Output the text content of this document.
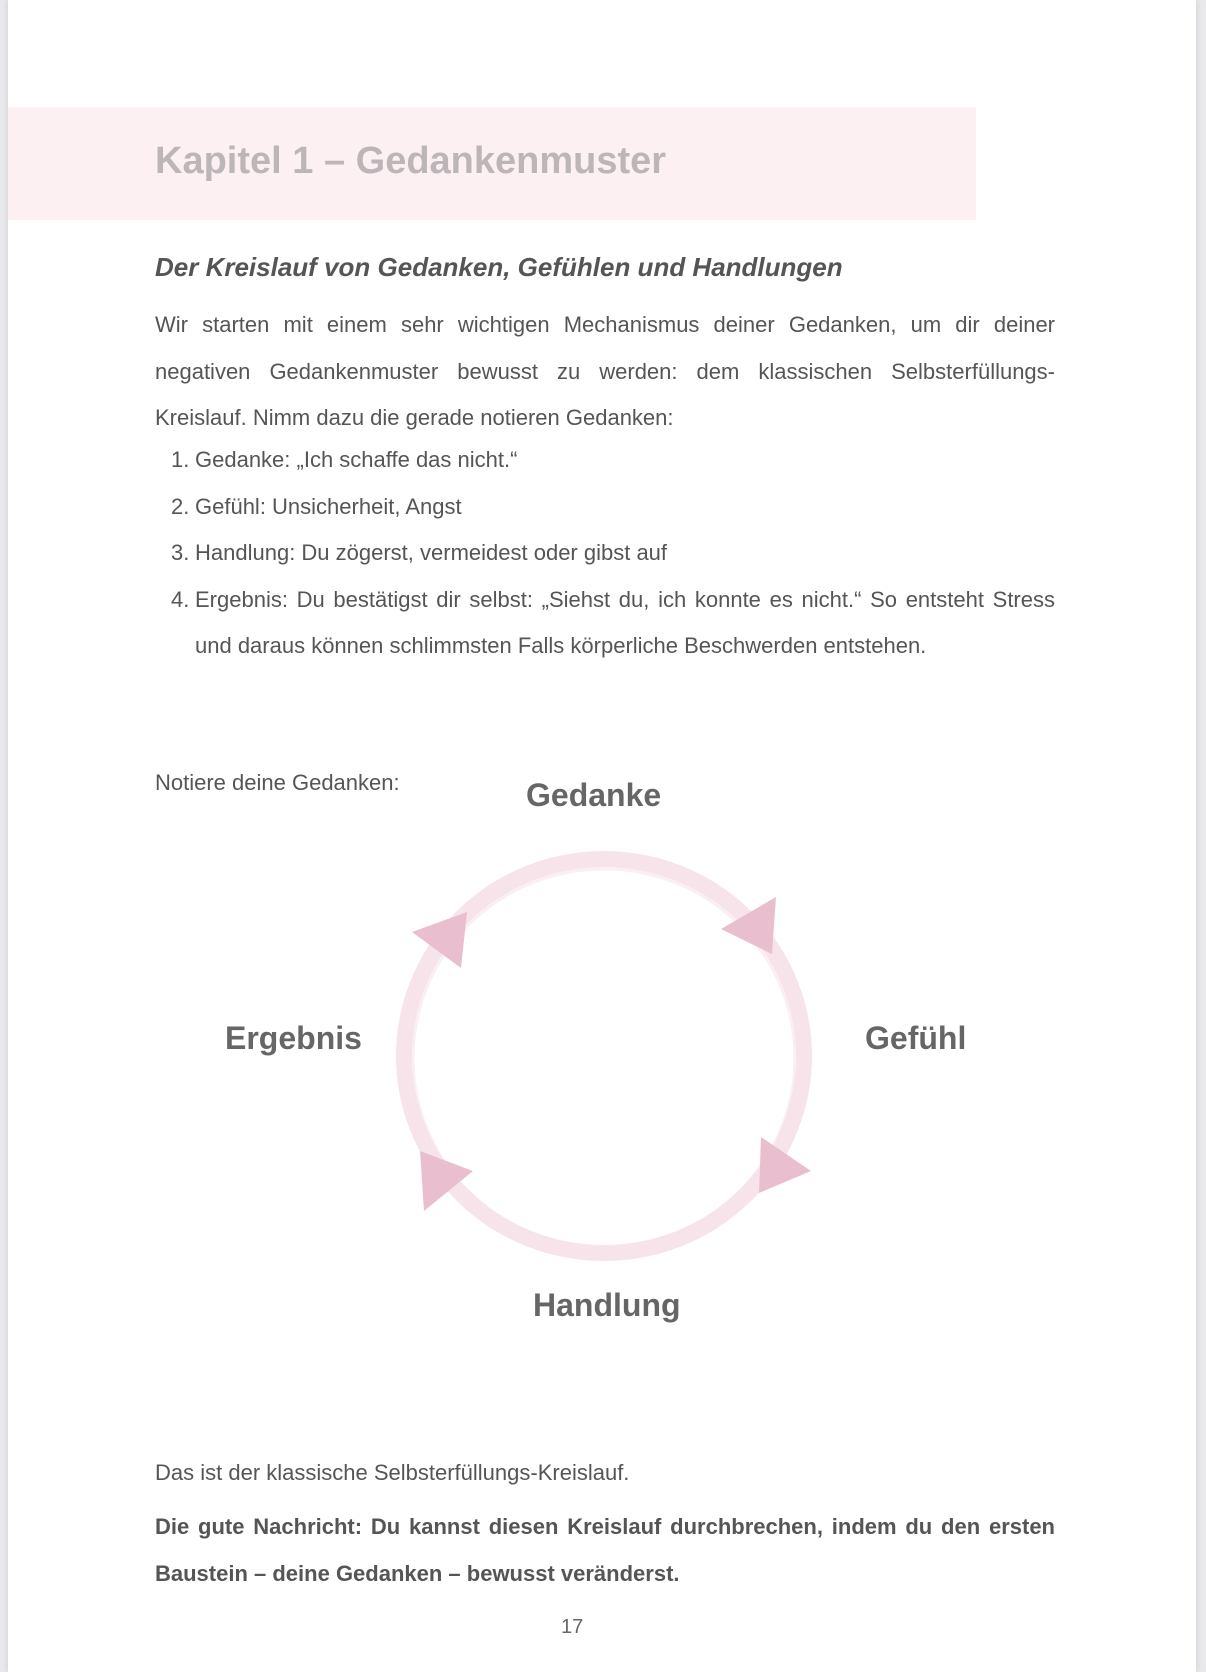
Kapitel 1 – Gedankenmuster
Der Kreislauf von Gedanken, Gefühlen und Handlungen

Wir starten mit einem sehr wichtigen Mechanismus deiner Gedanken, um dir deiner negativen Gedankenmuster bewusst zu werden: dem klassischen Selbsterfüllungs-Kreislauf. Nimm dazu die gerade notieren Gedanken:

1. Gedanke: „Ich schaffe das nicht.“
2. Gefühl: Unsicherheit, Angst
3. Handlung: Du zögerst, vermeidest oder gibst auf
4. Ergebnis: Du bestätigst dir selbst: „Siehst du, ich konnte es nicht.“ So entsteht Stress und daraus können schlimmsten Falls körperliche Beschwerden entstehen.

Notiere deine Gedanken:	Gedanke

Gefühl

Handlung

Ergebnis

Das ist der klassische Selbsterfüllungs-Kreislauf.

Die gute Nachricht: Du kannst diesen Kreislauf durchbrechen, indem du den ersten Baustein – deine Gedanken – bewusst veränderst.

17
